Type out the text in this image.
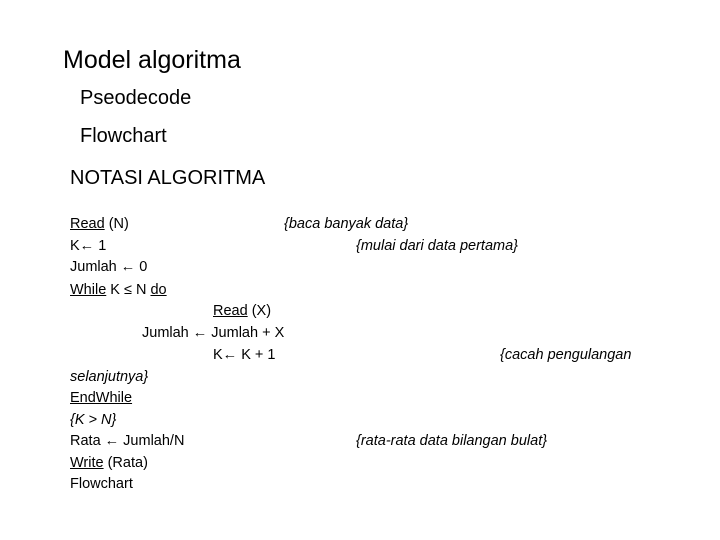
Model algoritma
Pseodecode
Flowchart
NOTASI ALGORITMA
Read (N)	{baca banyak data}
K← 1	{mulai dari data pertama}
Jumlah ← 0
While K ≤ N do
Read (X)
Jumlah ← Jumlah + X
K← K + 1	{cacah pengulangan
selanjutnya}
EndWhile
{K > N}
Rata ← Jumlah/N	{rata-rata data bilangan bulat}
Write (Rata)
Flowchart
